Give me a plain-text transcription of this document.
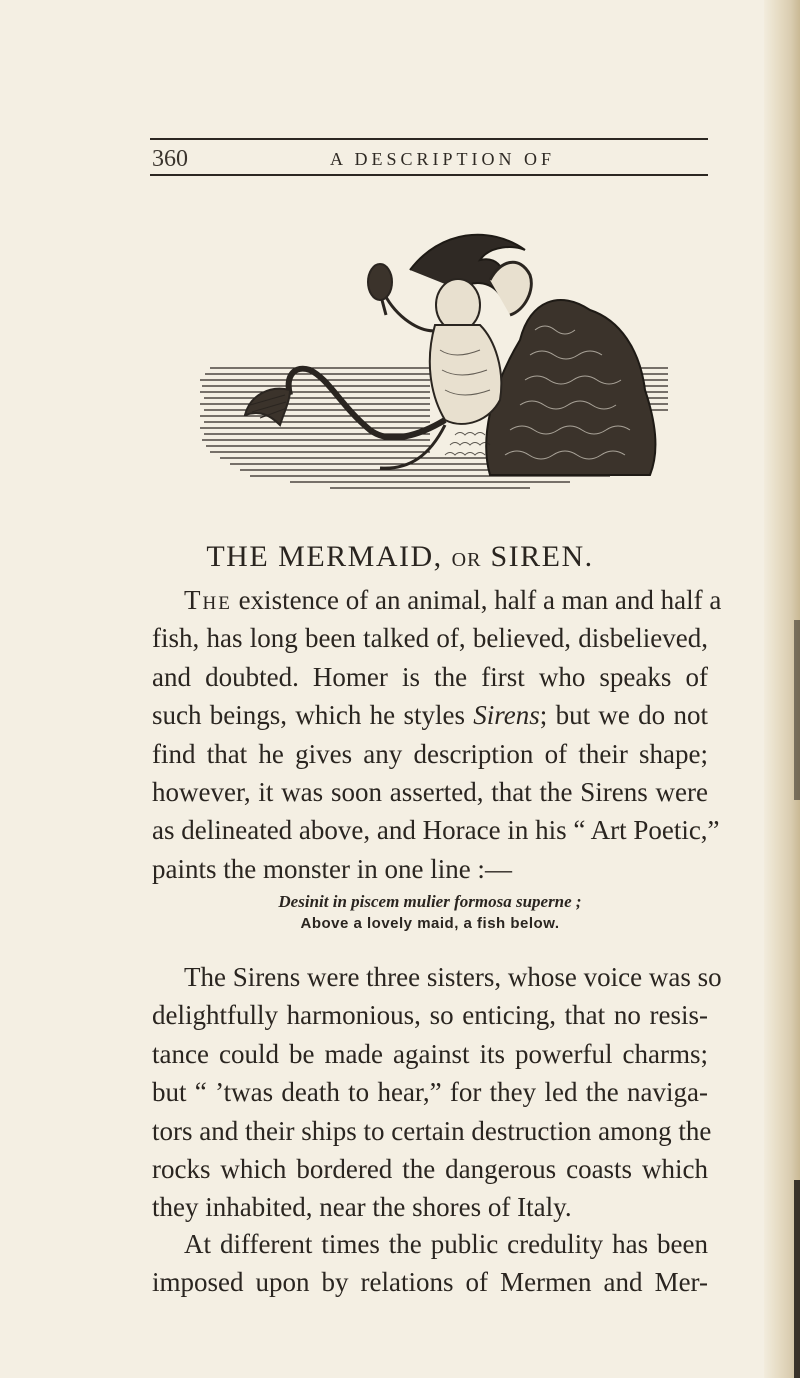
360	A DESCRIPTION OF
THE MERMAID, OR SIREN.
The existence of an animal, half a man and half a
fish, has long been talked of, believed, disbelieved,
and doubted. Homer is the first who speaks of
such beings, which he styles Sirens; but we do not
find that he gives any description of their shape;
however, it was soon asserted, that the Sirens were
as delineated above, and Horace in his “ Art Poetic,”
paints the monster in one line :—
Desinit in piscem mulier formosa superne ;
Above a lovely maid, a fish below.
The Sirens were three sisters, whose voice was so
delightfully harmonious, so enticing, that no resis-
tance could be made against its powerful charms;
but “ ’twas death to hear,” for they led the naviga-
tors and their ships to certain destruction among the
rocks which bordered the dangerous coasts which
they inhabited, near the shores of Italy.
At different times the public credulity has been
imposed upon by relations of Mermen and Mer-
